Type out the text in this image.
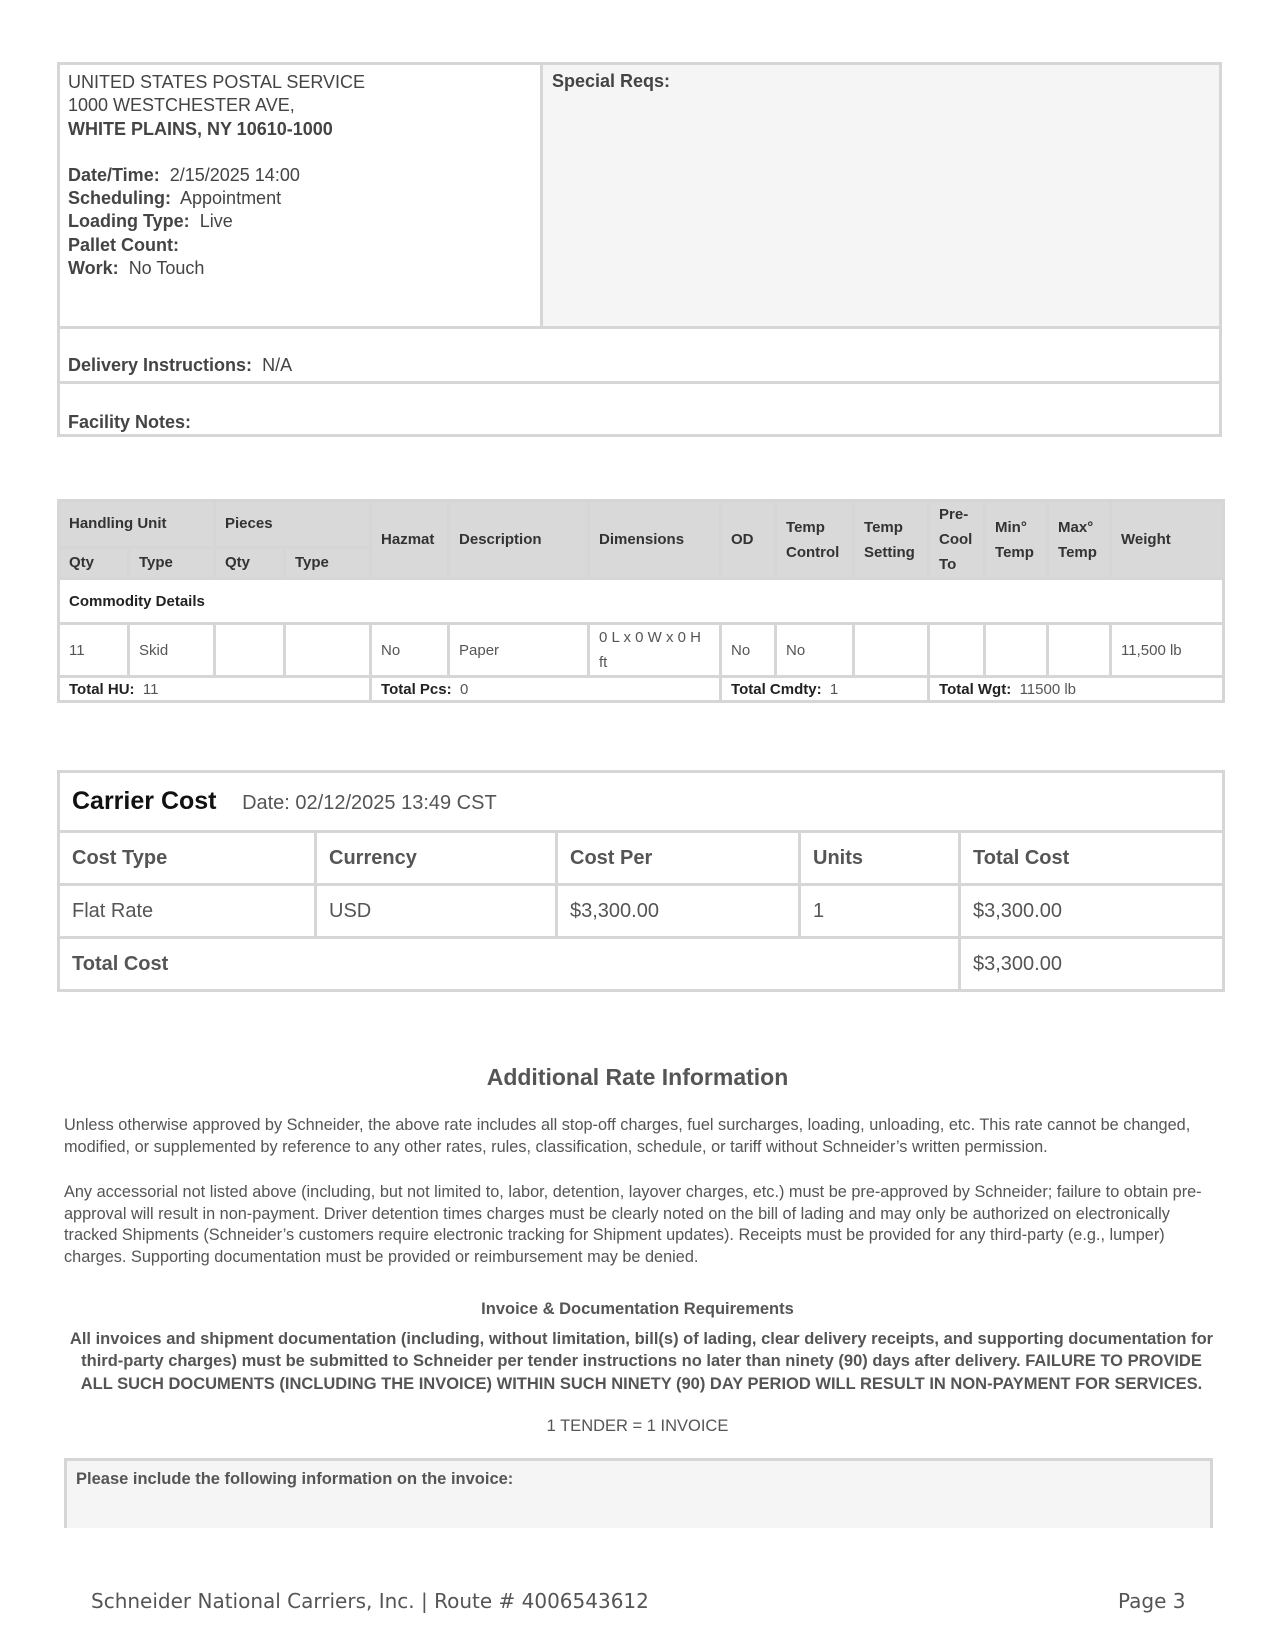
UNITED STATES POSTAL SERVICE
1000 WESTCHESTER AVE,
WHITE PLAINS, NY 10610-1000
Date/Time: 2/15/2025 14:00
Scheduling: Appointment
Loading Type: Live
Pallet Count:
Work: No Touch
Special Reqs:
Delivery Instructions: N/A
Facility Notes:
Commodity Details													
Handling Unit		Pieces		Hazmat	Description	Dimensions	OD	Temp Control	Temp Setting	Pre-Cool To	Min° Temp	Max° Temp	Weight
Qty	Type	Qty	Type										
11	Skid			No	Paper	0 L x 0 W x 0 H ft	No	No					11,500 lb
Total HU: 11				Total Pcs: 0			Total Cmdty: 1			Total Wgt: 11500 lb			
Carrier Cost Date: 02/12/2025 13:49 CST				
Cost Type	Currency	Cost Per	Units	Total Cost
Flat Rate	USD	$3,300.00	1	$3,300.00
Total Cost				$3,300.00
Additional Rate Information
Unless otherwise approved by Schneider, the above rate includes all stop-off charges, fuel surcharges, loading, unloading, etc. This rate cannot be changed, modified, or supplemented by reference to any other rates, rules, classification, schedule, or tariff without Schneider’s written permission.
Any accessorial not listed above (including, but not limited to, labor, detention, layover charges, etc.) must be pre-approved by Schneider; failure to obtain pre-approval will result in non-payment. Driver detention times charges must be clearly noted on the bill of lading and may only be authorized on electronically tracked Shipments (Schneider’s customers require electronic tracking for Shipment updates). Receipts must be provided for any third-party (e.g., lumper) charges. Supporting documentation must be provided or reimbursement may be denied.
Invoice & Documentation Requirements
All invoices and shipment documentation (including, without limitation, bill(s) of lading, clear delivery receipts, and supporting documentation for third-party charges) must be submitted to Schneider per tender instructions no later than ninety (90) days after delivery. FAILURE TO PROVIDE ALL SUCH DOCUMENTS (INCLUDING THE INVOICE) WITHIN SUCH NINETY (90) DAY PERIOD WILL RESULT IN NON-PAYMENT FOR SERVICES.
1 TENDER = 1 INVOICE
Please include the following information on the invoice:
Schneider National Carriers, Inc. | Route # 4006543612	Page 3
